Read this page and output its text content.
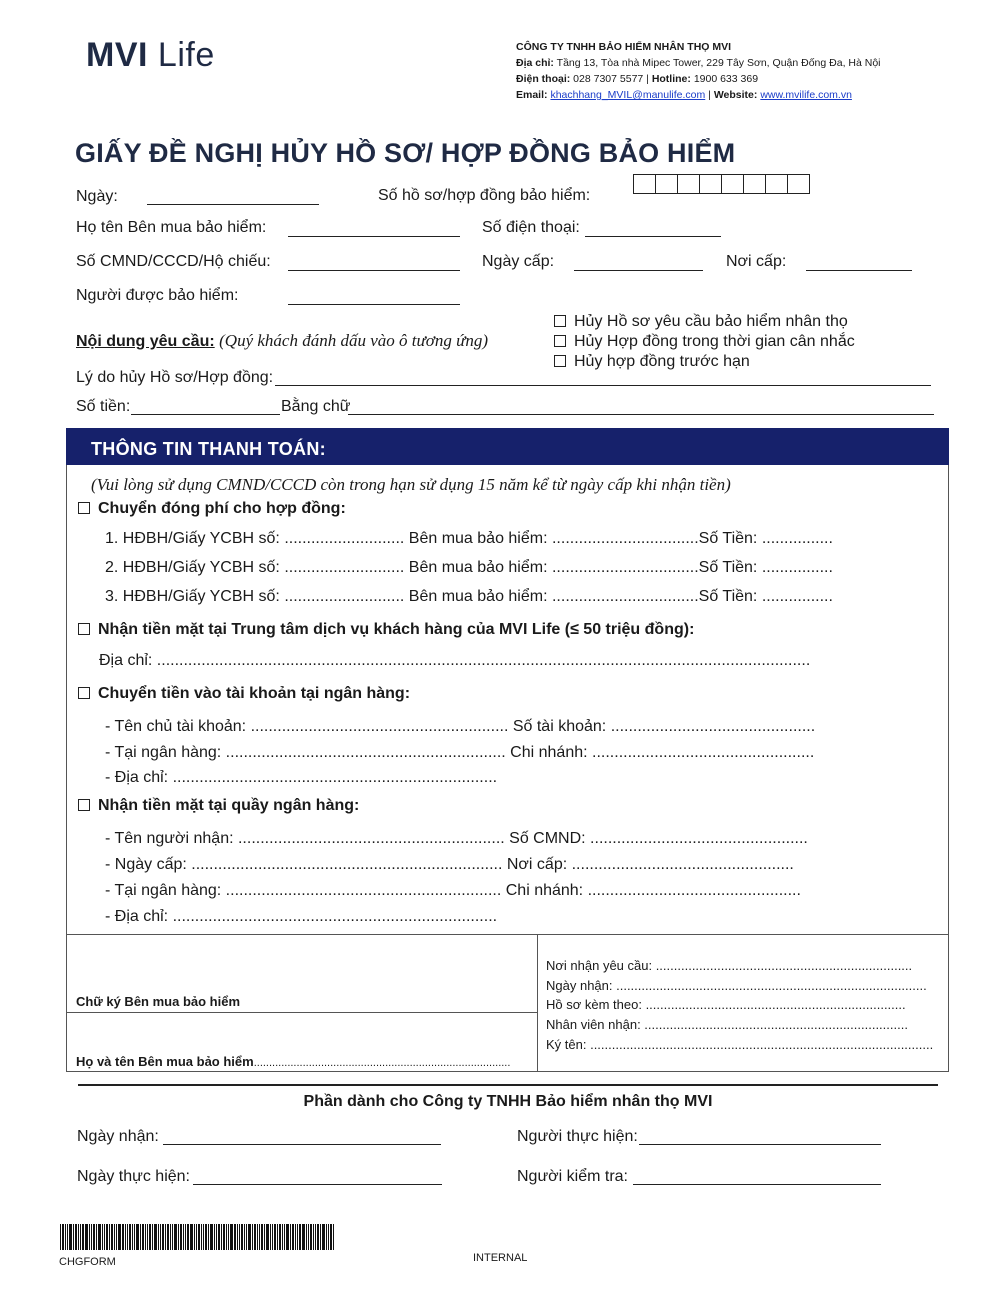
MVI Life	CÔNG TY TNHH BẢO HIỂM NHÂN THỌ MVI
Địa chỉ: Tầng 13, Tòa nhà Mipec Tower, 229 Tây Sơn, Quận Đống Đa, Hà Nội
Điện thoại: 028 7307 5577 | Hotline: 1900 633 369
Email: khachhang_MVIL@manulife.com | Website: www.mvilife.com.vn
GIẤY ĐỀ NGHỊ HỦY HỒ SƠ/ HỢP ĐỒNG BẢO HIỂM
Ngày:	Số hồ sơ/hợp đồng bảo hiểm:
Họ tên Bên mua bảo hiểm:	Số điện thoại:
Số CMND/CCCD/Hộ chiếu:	Ngày cấp:	Nơi cấp:
Người được bảo hiểm:
Nội dung yêu cầu: (Quý khách đánh dấu vào ô tương ứng)
Hủy Hồ sơ yêu cầu bảo hiểm nhân thọ
Hủy Hợp đồng trong thời gian cân nhắc
Hủy hợp đồng trước hạn
Lý do hủy Hồ sơ/Hợp đồng:
Số tiền:	Bằng chữ
THÔNG TIN THANH TOÁN:
(Vui lòng sử dụng CMND/CCCD còn trong hạn sử dụng 15 năm kể từ ngày cấp khi nhận tiền)
Chuyển đóng phí cho hợp đồng:
1. HĐBH/Giấy YCBH số: ........................... Bên mua bảo hiểm: .................................Số Tiền: ................
2. HĐBH/Giấy YCBH số: ........................... Bên mua bảo hiểm: .................................Số Tiền: ................
3. HĐBH/Giấy YCBH số: ........................... Bên mua bảo hiểm: .................................Số Tiền: ................
Nhận tiền mặt tại Trung tâm dịch vụ khách hàng của MVI Life (≤ 50 triệu đồng):
Địa chỉ: ...................................................................................................................................................
Chuyển tiền vào tài khoản tại ngân hàng:
- Tên chủ tài khoản: .......................................................... Số tài khoản: ..............................................
- Tại ngân hàng: ............................................................... Chi nhánh: ..................................................
- Địa chỉ: .........................................................................
Nhận tiền mặt tại quầy ngân hàng:
- Tên người nhận: ............................................................ Số CMND: .................................................
- Ngày cấp: ...................................................................... Nơi cấp: ..................................................
- Tại ngân hàng: .............................................................. Chi nhánh: ................................................
- Địa chỉ: .........................................................................
Chữ ký Bên mua bảo hiểm
Họ và tên Bên mua bảo hiểm....................................................................................
Nơi nhận yêu cầu: .......................................................................
Ngày nhận: ......................................................................................
Hồ sơ kèm theo: ........................................................................
Nhân viên nhận: .........................................................................
Ký tên: ...............................................................................................
Phần dành cho Công ty TNHH Bảo hiểm nhân thọ MVI
Ngày nhận:	Người thực hiện:
Ngày thực hiện:	Người kiểm tra:
CHGFORM	INTERNAL
